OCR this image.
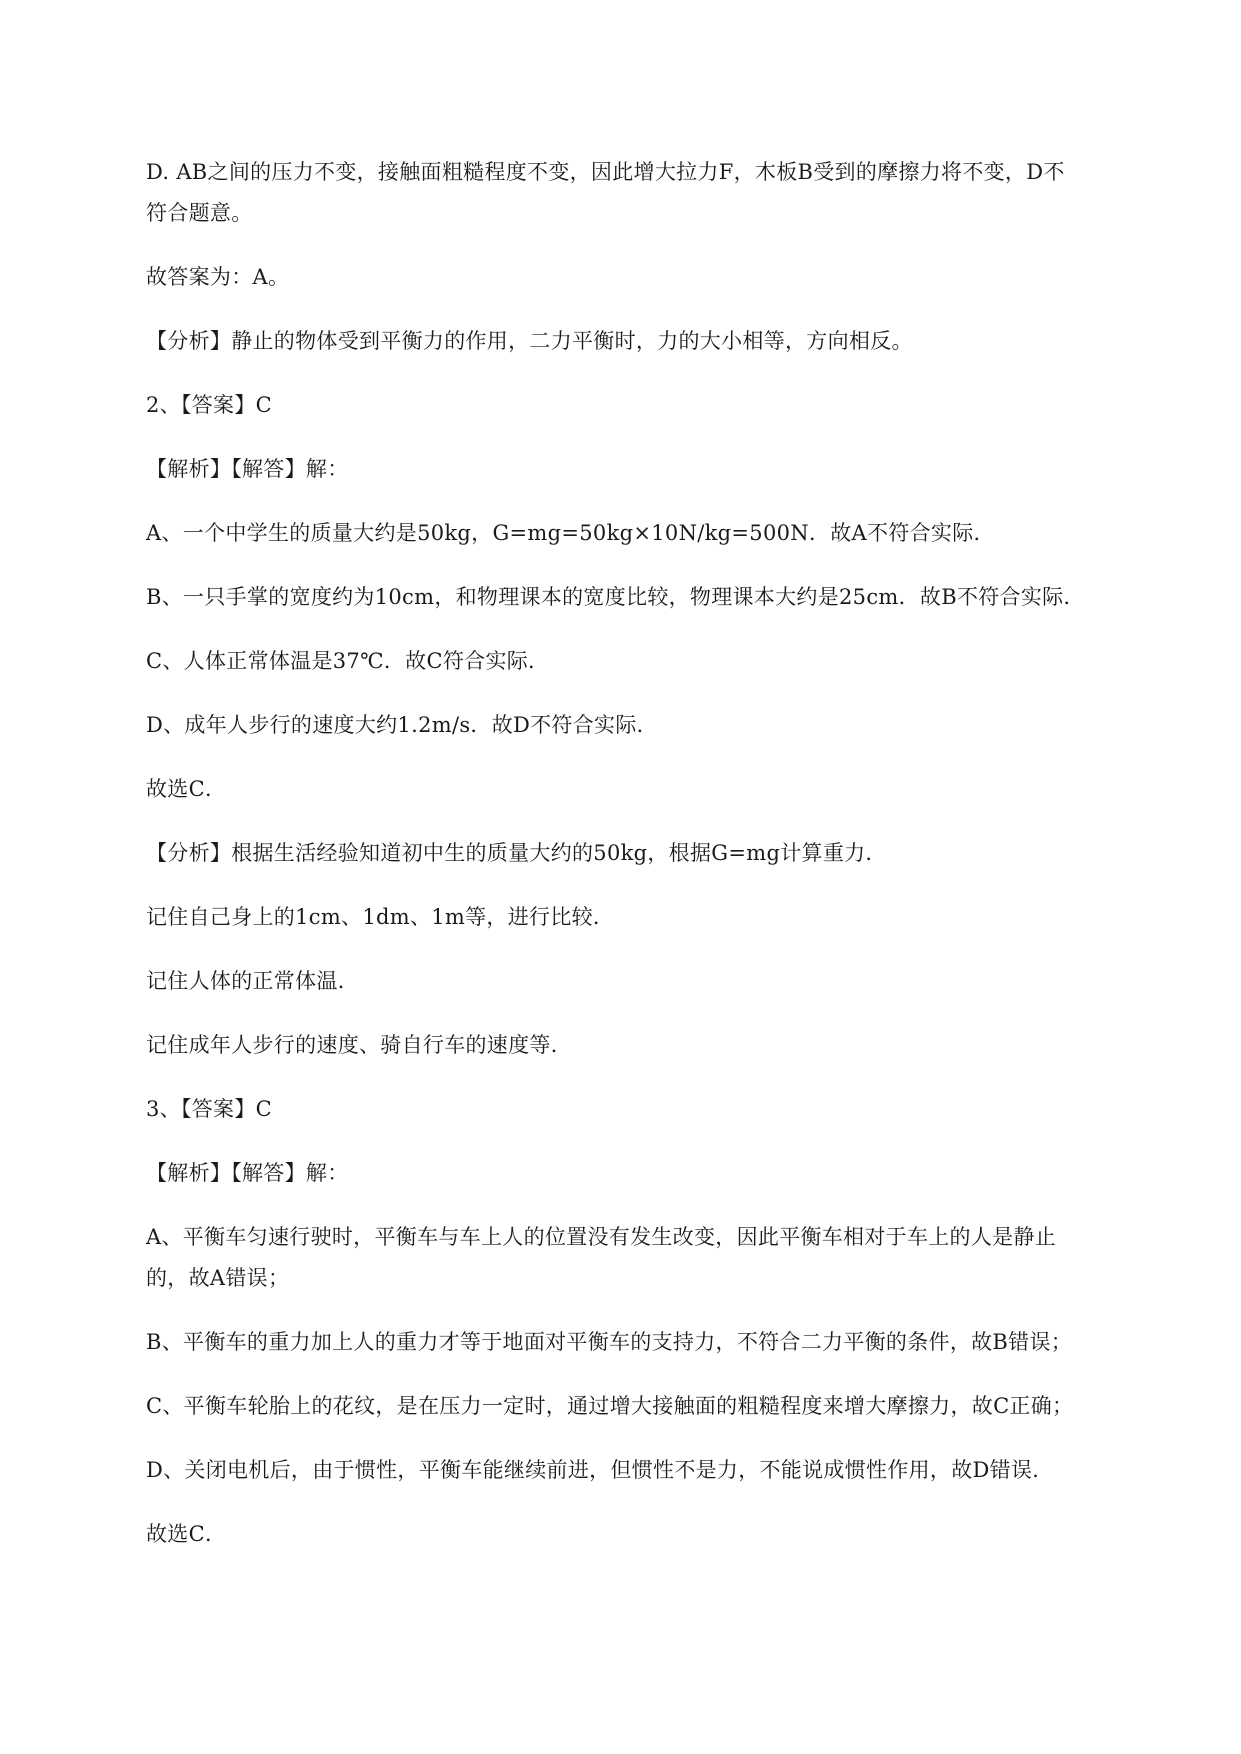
D. AB之间的压力不变，接触面粗糙程度不变，因此增大拉力F，木板B受到的摩擦力将不变，D不
符合题意。
故答案为：A。
【分析】静止的物体受到平衡力的作用，二力平衡时，力的大小相等，方向相反。
2、【答案】C
【解析】【解答】解：
A、一个中学生的质量大约是50kg，G=mg=50kg×10N/kg=500N．故A不符合实际．
B、一只手掌的宽度约为10cm，和物理课本的宽度比较，物理课本大约是25cm．故B不符合实际．
C、人体正常体温是37℃．故C符合实际．
D、成年人步行的速度大约1.2m/s．故D不符合实际．
故选C．
【分析】根据生活经验知道初中生的质量大约的50kg，根据G=mg计算重力．
记住自己身上的1cm、1dm、1m等，进行比较．
记住人体的正常体温．
记住成年人步行的速度、骑自行车的速度等．
3、【答案】C
【解析】【解答】解：
A、平衡车匀速行驶时，平衡车与车上人的位置没有发生改变，因此平衡车相对于车上的人是静止
的，故A错误；
B、平衡车的重力加上人的重力才等于地面对平衡车的支持力，不符合二力平衡的条件，故B错误；
C、平衡车轮胎上的花纹，是在压力一定时，通过增大接触面的粗糙程度来增大摩擦力，故C正确；
D、关闭电机后，由于惯性，平衡车能继续前进，但惯性不是力，不能说成惯性作用，故D错误．
故选C．
